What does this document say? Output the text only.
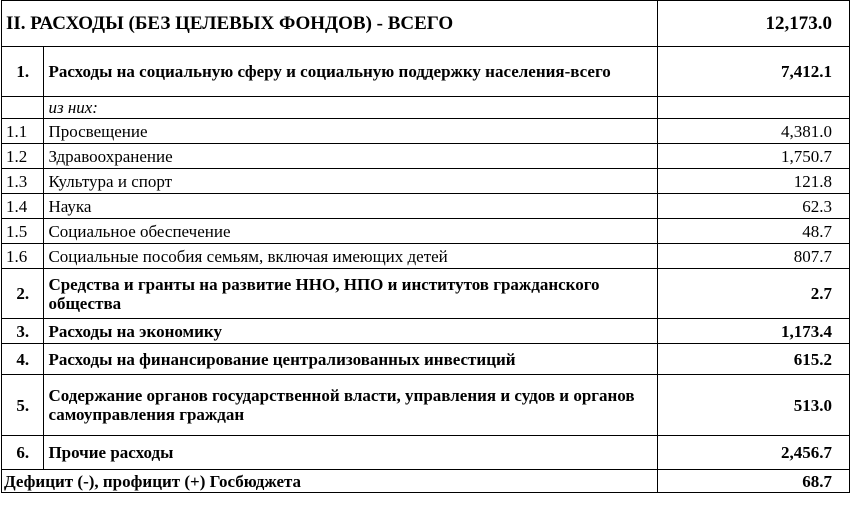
II. РАСХОДЫ (БЕЗ ЦЕЛЕВЫХ ФОНДОВ) - ВСЕГО		12,173.0
1.	Расходы на социальную сферу и социальную поддержку населения-всего	7,412.1
	из них:	
1.1	Просвещение	4,381.0
1.2	Здравоохранение	1,750.7
1.3	Культура и спорт	121.8
1.4	Наука	62.3
1.5	Социальное обеспечение	48.7
1.6	Социальные пособия семьям, включая имеющих детей	807.7
2.	Средства и гранты на развитие ННО, НПО и институтов гражданского общества	2.7
3.	Расходы на экономику	1,173.4
4.	Расходы на финансирование централизованных инвестиций	615.2
5.	Содержание органов государственной власти, управления и судов и органов самоуправления граждан	513.0
6.	Прочие расходы	2,456.7
Дефицит (-), профицит (+) Госбюджета		68.7
